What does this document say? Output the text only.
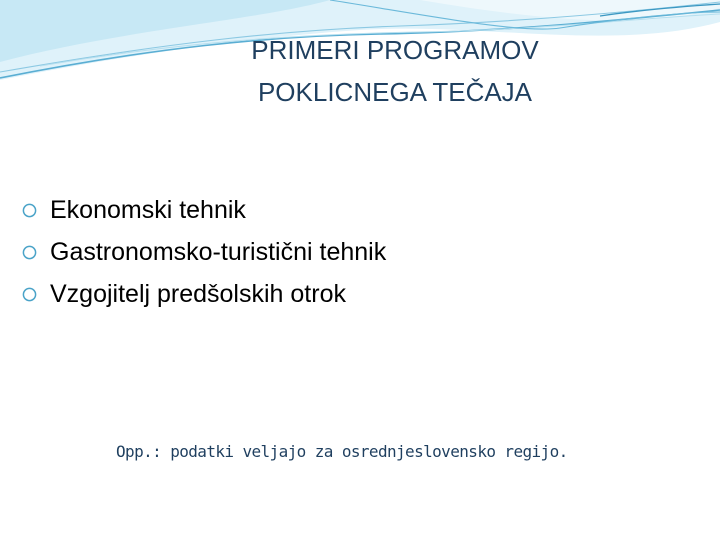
PRIMERI PROGRAMOV
POKLICNEGA TEČAJA
Ekonomski tehnik
Gastronomsko-turistični tehnik
Vzgojitelj predšolskih otrok
Opp.: podatki veljajo za osrednjeslovensko regijo.
